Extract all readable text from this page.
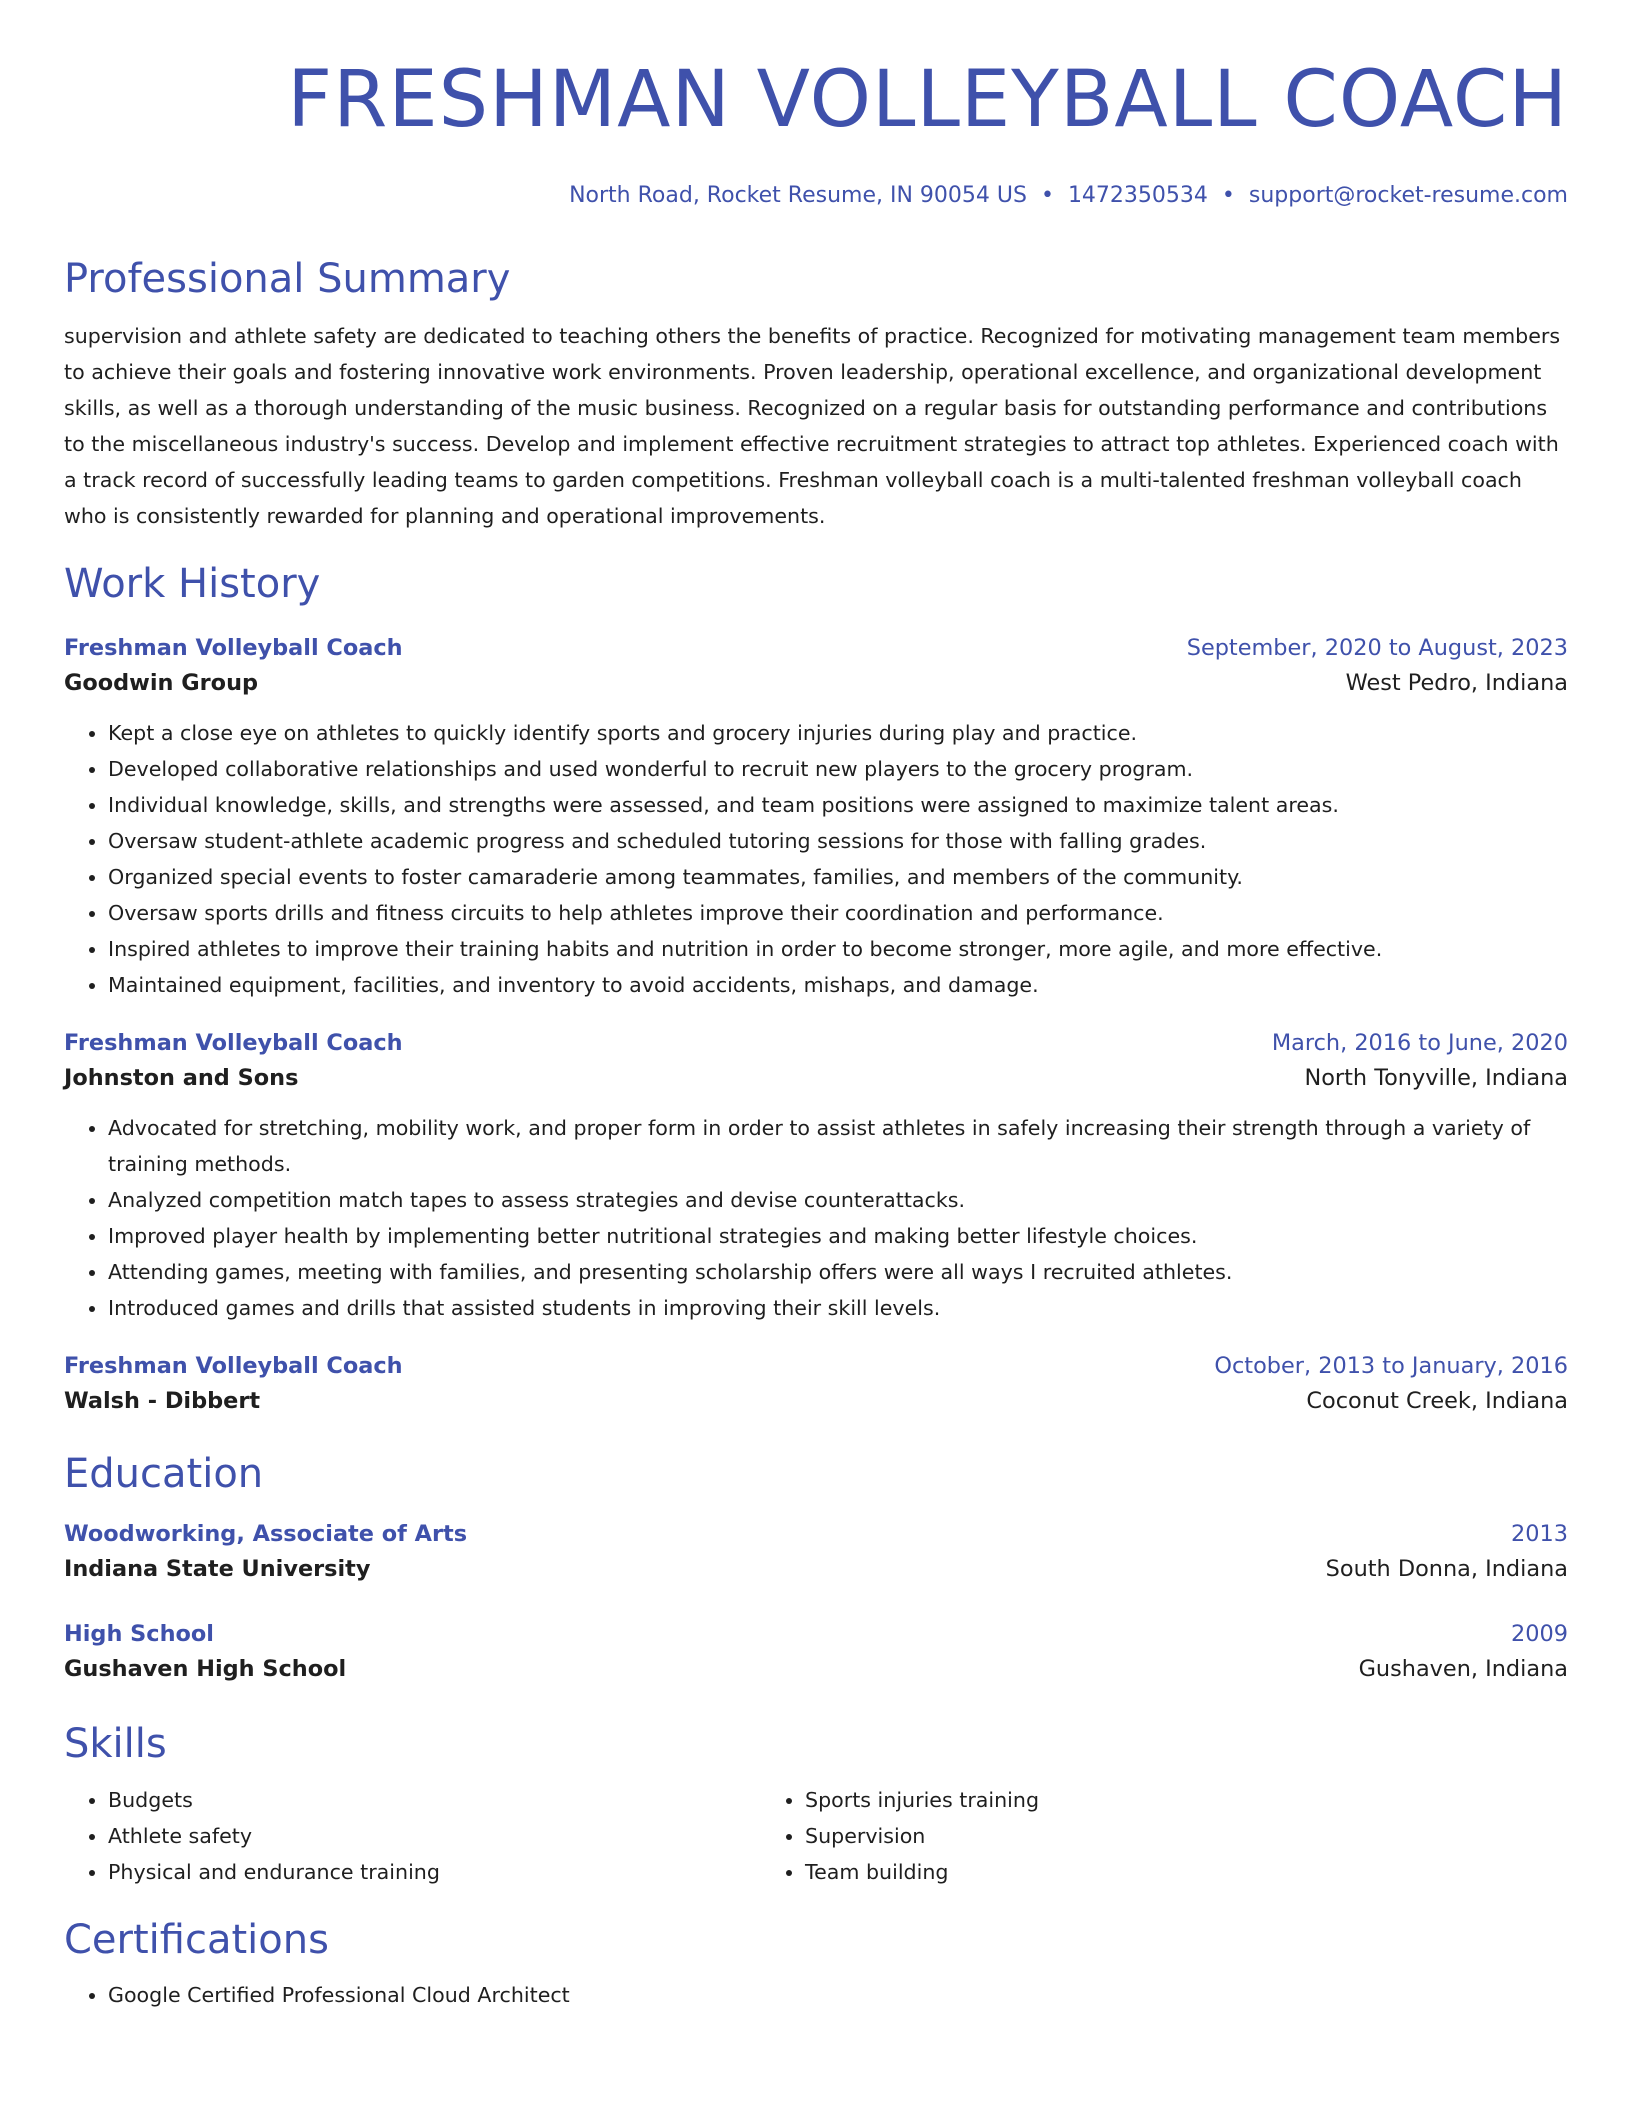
FRESHMAN VOLLEYBALL COACH
North Road, Rocket Resume, IN 90054 US • 1472350534 • support@rocket-resume.com
Professional Summary
supervision and athlete safety are dedicated to teaching others the benefits of practice. Recognized for motivating management team members to achieve their goals and fostering innovative work environments. Proven leadership, operational excellence, and organizational development skills, as well as a thorough understanding of the music business. Recognized on a regular basis for outstanding performance and contributions to the miscellaneous industry's success. Develop and implement effective recruitment strategies to attract top athletes. Experienced coach with a track record of successfully leading teams to garden competitions. Freshman volleyball coach is a multi-talented freshman volleyball coach who is consistently rewarded for planning and operational improvements.
Work History
Freshman Volleyball Coach	September, 2020 to August, 2023
Goodwin Group	West Pedro, Indiana
• Kept a close eye on athletes to quickly identify sports and grocery injuries during play and practice.
• Developed collaborative relationships and used wonderful to recruit new players to the grocery program.
• Individual knowledge, skills, and strengths were assessed, and team positions were assigned to maximize talent areas.
• Oversaw student-athlete academic progress and scheduled tutoring sessions for those with falling grades.
• Organized special events to foster camaraderie among teammates, families, and members of the community.
• Oversaw sports drills and fitness circuits to help athletes improve their coordination and performance.
• Inspired athletes to improve their training habits and nutrition in order to become stronger, more agile, and more effective.
• Maintained equipment, facilities, and inventory to avoid accidents, mishaps, and damage.
Freshman Volleyball Coach	March, 2016 to June, 2020
Johnston and Sons	North Tonyville, Indiana
• Advocated for stretching, mobility work, and proper form in order to assist athletes in safely increasing their strength through a variety of training methods.
• Analyzed competition match tapes to assess strategies and devise counterattacks.
• Improved player health by implementing better nutritional strategies and making better lifestyle choices.
• Attending games, meeting with families, and presenting scholarship offers were all ways I recruited athletes.
• Introduced games and drills that assisted students in improving their skill levels.
Freshman Volleyball Coach	October, 2013 to January, 2016
Walsh - Dibbert	Coconut Creek, Indiana
Education
Woodworking, Associate of Arts	2013
Indiana State University	South Donna, Indiana
High School	2009
Gushaven High School	Gushaven, Indiana
Skills
• Budgets
• Athlete safety
• Physical and endurance training
• Sports injuries training
• Supervision
• Team building
Certifications
• Google Certified Professional Cloud Architect
